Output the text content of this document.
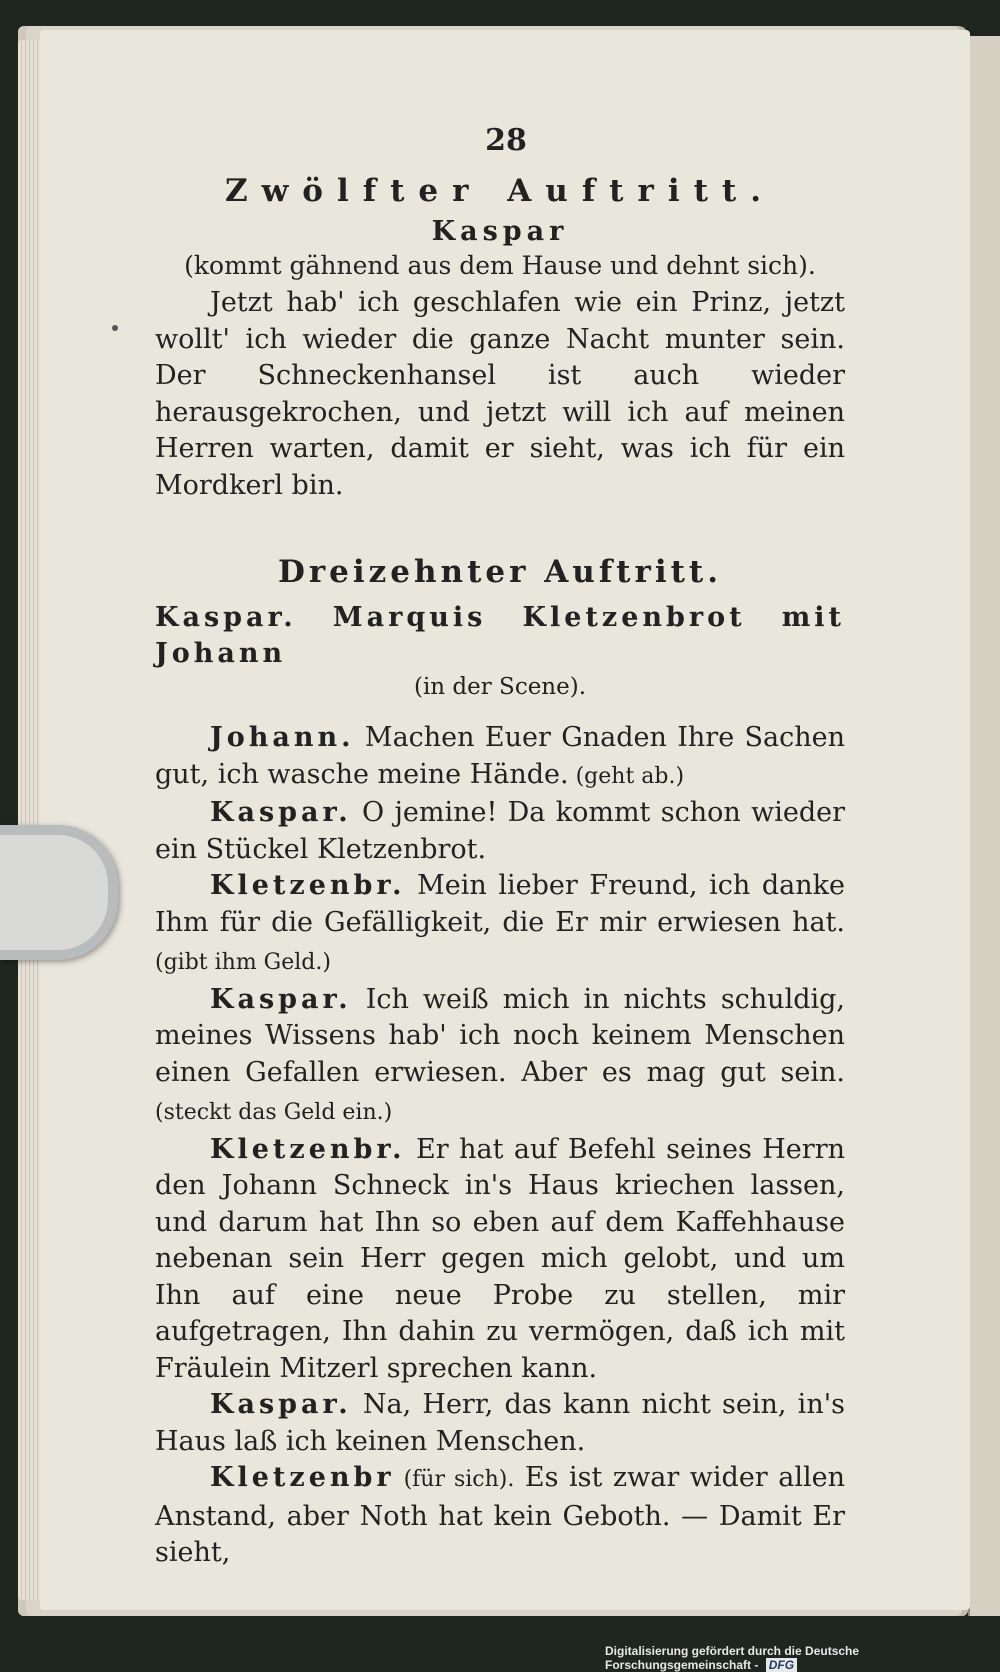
28
Zwölfter Auftritt.
Kaspar
(kommt gähnend aus dem Hause und dehnt sich).

Jetzt hab' ich geschlafen wie ein Prinz, jetzt wollt' ich wieder die ganze Nacht munter sein. Der Schneckenhansel ist auch wieder herausgekrochen, und jetzt will ich auf meinen Herren warten, damit er sieht, was ich für ein Mordkerl bin.

Dreizehnter Auftritt.
Kaspar. Marquis Kletzenbrot mit Johann
(in der Scene).

Johann. Machen Euer Gnaden Ihre Sachen gut, ich wasche meine Hände. (geht ab.)

Kaspar. O jemine! Da kommt schon wieder ein Stückel Kletzenbrot.

Kletzenbr. Mein lieber Freund, ich danke Ihm für die Gefälligkeit, die Er mir erwiesen hat. (gibt ihm Geld.)

Kaspar. Ich weiß mich in nichts schuldig, meines Wissens hab' ich noch keinem Menschen einen Gefallen erwiesen. Aber es mag gut sein. (steckt das Geld ein.)

Kletzenbr. Er hat auf Befehl seines Herrn den Johann Schneck in's Haus kriechen lassen, und darum hat Ihn so eben auf dem Kaffehhause nebenan sein Herr gegen mich gelobt, und um Ihn auf eine neue Probe zu stellen, mir aufgetragen, Ihn dahin zu vermögen, daß ich mit Fräulein Mitzerl sprechen kann.

Kaspar. Na, Herr, das kann nicht sein, in's Haus laß ich keinen Menschen.

Kletzenbr (für sich). Es ist zwar wider allen Anstand, aber Noth hat kein Geboth. — Damit Er sieht,

Digitalisierung gefördert durch die Deutsche Forschungsgemeinschaft - DFG
